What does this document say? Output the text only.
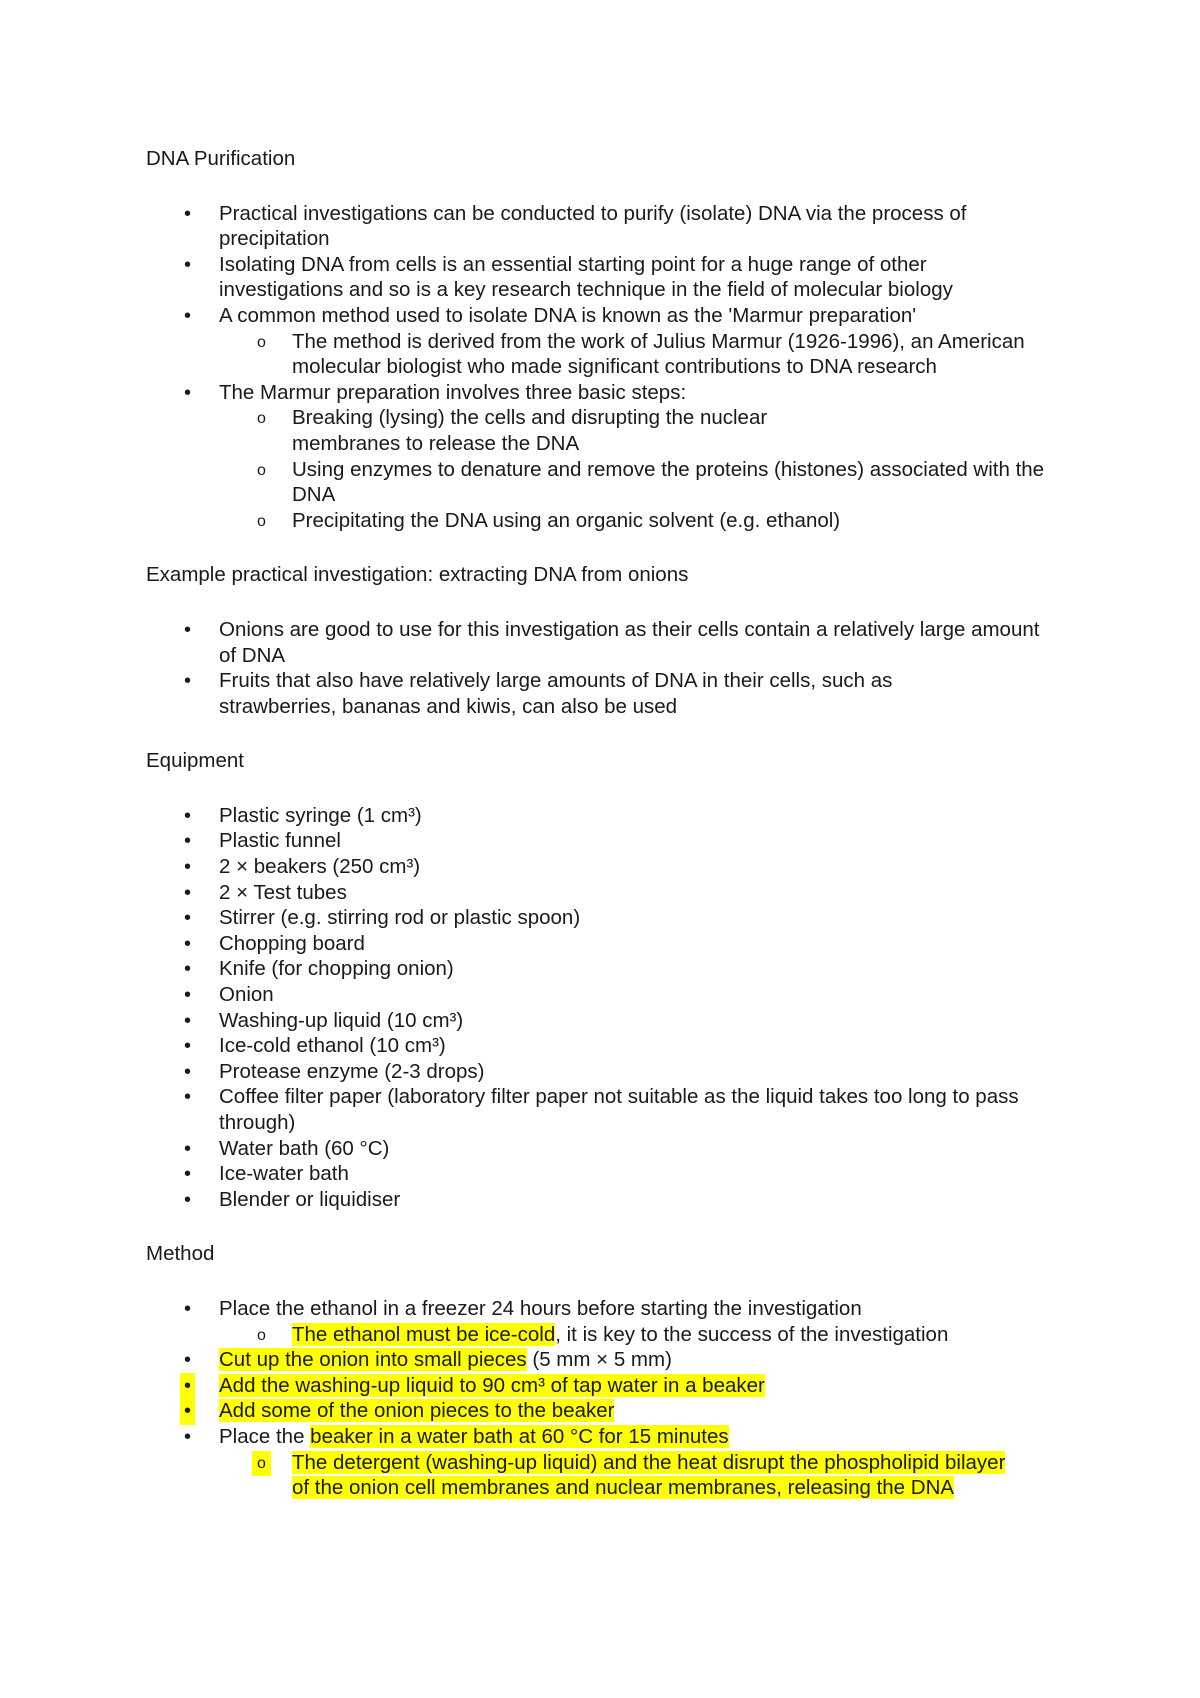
DNA Purification

•
Practical investigations can be conducted to purify (isolate) DNA via the process of precipitation
•
Isolating DNA from cells is an essential starting point for a huge range of other investigations and so is a key research technique in the field of molecular biology
•
A common method used to isolate DNA is known as the 'Marmur preparation'
o
The method is derived from the work of Julius Marmur (1926-1996), an American molecular biologist who made significant contributions to DNA research
•
The Marmur preparation involves three basic steps:
o
Breaking (lysing) the cells and disrupting the nuclear membranes to release the DNA
o
Using enzymes to denature and remove the proteins (histones) associated with the DNA
o
Precipitating the DNA using an organic solvent (e.g. ethanol)

Example practical investigation: extracting DNA from onions

•
Onions are good to use for this investigation as their cells contain a relatively large amount of DNA
•
Fruits that also have relatively large amounts of DNA in their cells, such as strawberries, bananas and kiwis, can also be used

Equipment

•
Plastic syringe (1 cm³)
•
Plastic funnel
•
2 × beakers (250 cm³)
•
2 × Test tubes
•
Stirrer (e.g. stirring rod or plastic spoon)
•
Chopping board
•
Knife (for chopping onion)
•
Onion
•
Washing-up liquid (10 cm³)
•
Ice-cold ethanol (10 cm³)
•
Protease enzyme (2-3 drops)
•
Coffee filter paper (laboratory filter paper not suitable as the liquid takes too long to pass through)
•
Water bath (60 °C)
•
Ice-water bath
•
Blender or liquidiser

Method

•
Place the ethanol in a freezer 24 hours before starting the investigation
o
The ethanol must be ice-cold, it is key to the success of the investigation
•
Cut up the onion into small pieces (5 mm × 5 mm)
•
Add the washing-up liquid to 90 cm³ of tap water in a beaker
•
Add some of the onion pieces to the beaker
•
Place the beaker in a water bath at 60 °C for 15 minutes
o
The detergent (washing-up liquid) and the heat disrupt the phospholipid bilayer of the onion cell membranes and nuclear membranes, releasing the DNA
